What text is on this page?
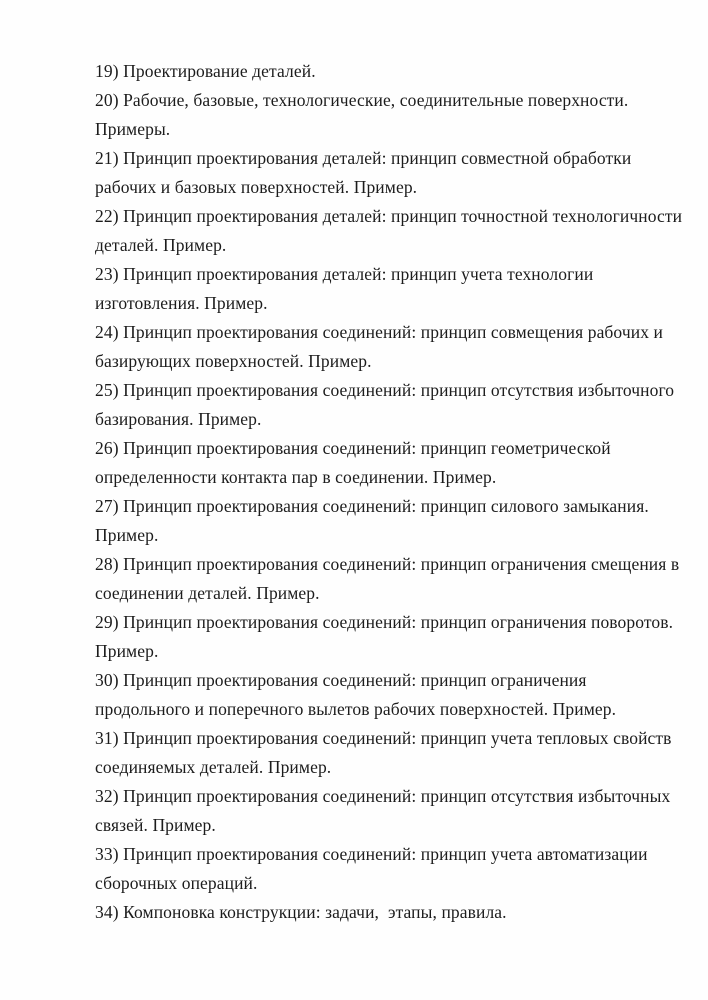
19) Проектирование деталей.
20) Рабочие, базовые, технологические, соединительные поверхности.
Примеры.
21) Принцип проектирования деталей: принцип совместной обработки
рабочих и базовых поверхностей. Пример.
22) Принцип проектирования деталей: принцип точностной технологичности
деталей. Пример.
23) Принцип проектирования деталей: принцип учета технологии
изготовления. Пример.
24) Принцип проектирования соединений: принцип совмещения рабочих и
базирующих поверхностей. Пример.
25) Принцип проектирования соединений: принцип отсутствия избыточного
базирования. Пример.
26) Принцип проектирования соединений: принцип геометрической
определенности контакта пар в соединении. Пример.
27) Принцип проектирования соединений: принцип силового замыкания.
Пример.
28) Принцип проектирования соединений: принцип ограничения смещения в
соединении деталей. Пример.
29) Принцип проектирования соединений: принцип ограничения поворотов.
Пример.
30) Принцип проектирования соединений: принцип ограничения
продольного и поперечного вылетов рабочих поверхностей. Пример.
31) Принцип проектирования соединений: принцип учета тепловых свойств
соединяемых деталей. Пример.
32) Принцип проектирования соединений: принцип отсутствия избыточных
связей. Пример.
33) Принцип проектирования соединений: принцип учета автоматизации
сборочных операций.
34) Компоновка конструкции: задачи,  этапы, правила.
